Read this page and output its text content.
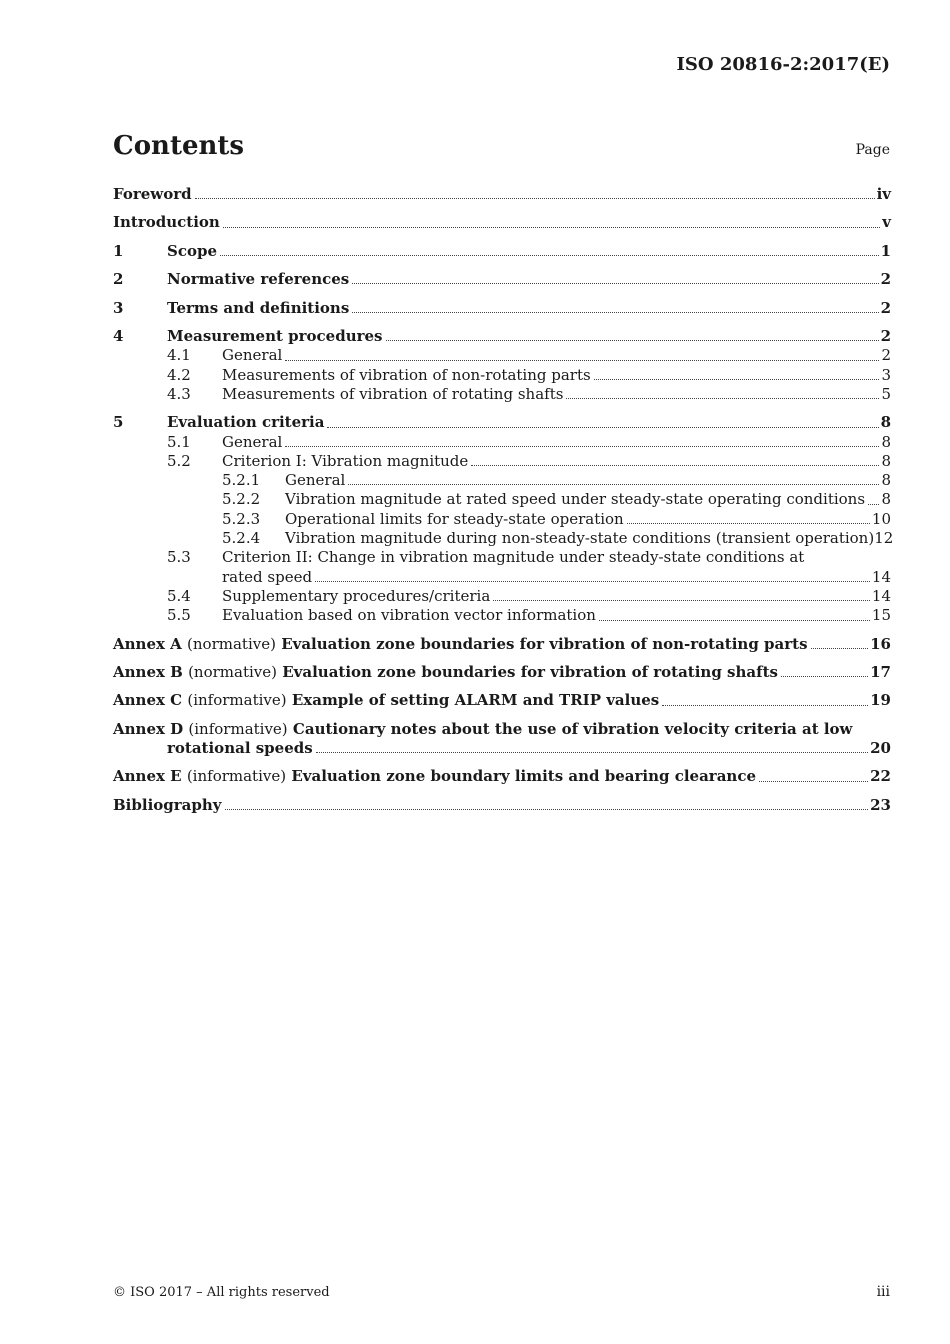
ISO 20816-2:2017(E)
Contents	Page
Foreword	iv
Introduction	v
1	Scope	1
2	Normative references	2
3	Terms and definitions	2
4	Measurement procedures	2
4.1	General	2
4.2	Measurements of vibration of non-rotating parts	3
4.3	Measurements of vibration of rotating shafts	5
5	Evaluation criteria	8
5.1	General	8
5.2	Criterion I: Vibration magnitude	8
5.2.1	General	8
5.2.2	Vibration magnitude at rated speed under steady-state operating conditions 8
5.2.3	Operational limits for steady-state operation	10
5.2.4	Vibration magnitude during non-steady-state conditions (transient operation) 12
5.3	Criterion II: Change in vibration magnitude under steady-state conditions at
rated speed	14
5.4	Supplementary procedures/criteria	14
5.5	Evaluation based on vibration vector information	15
Annex A (normative) Evaluation zone boundaries for vibration of non-rotating parts	16
Annex B (normative) Evaluation zone boundaries for vibration of rotating shafts	17
Annex C (informative) Example of setting ALARM and TRIP values	19
Annex D (informative) Cautionary notes about the use of vibration velocity criteria at low
rotational speeds	20
Annex E (informative) Evaluation zone boundary limits and bearing clearance	22
Bibliography	23
© ISO 2017 – All rights reserved	iii
